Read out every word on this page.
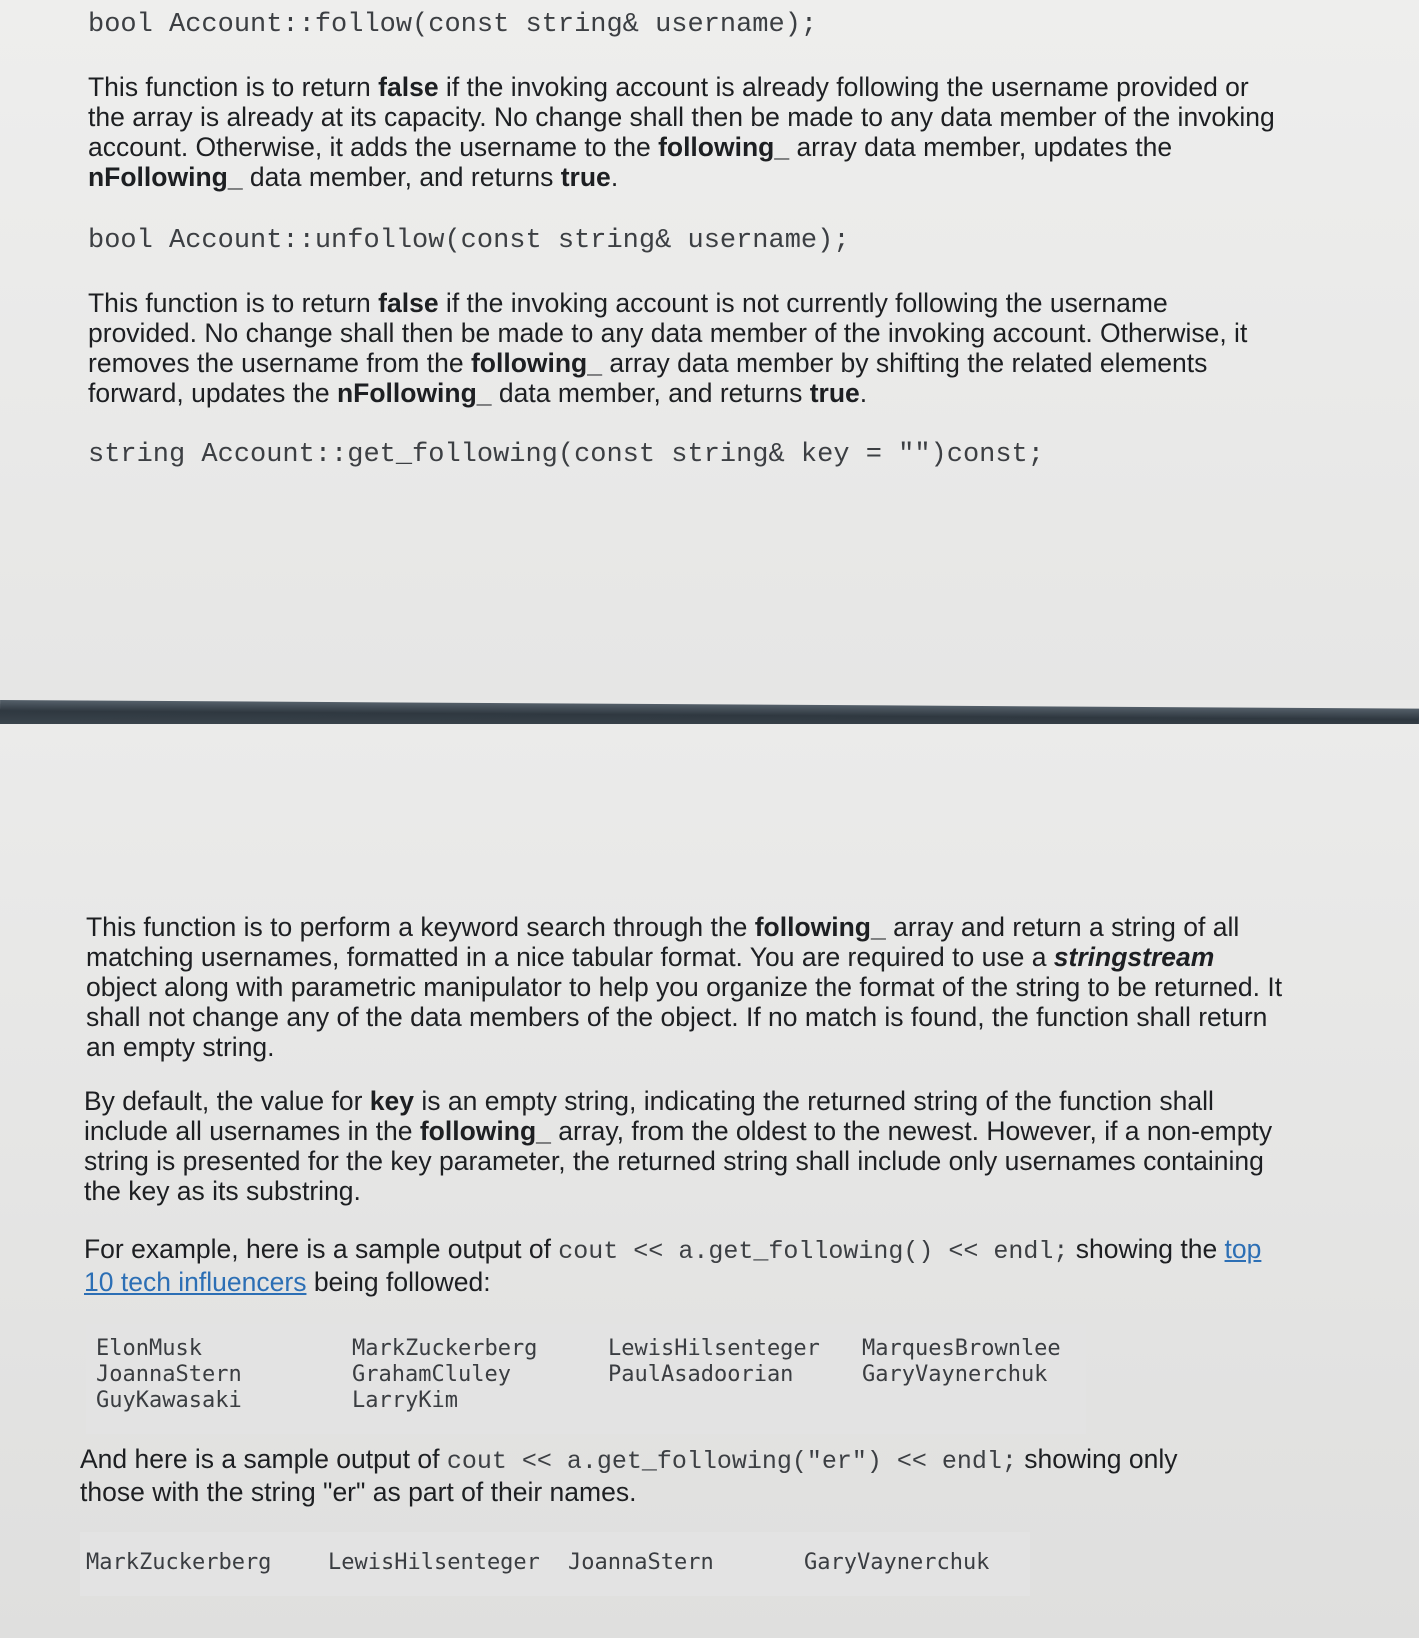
bool Account::follow(const string& username);

This function is to return false if the invoking account is already following the username provided or the array is already at its capacity. No change shall then be made to any data member of the invoking account. Otherwise, it adds the username to the following_ array data member, updates the nFollowing_ data member, and returns true.

bool Account::unfollow(const string& username);

This function is to return false if the invoking account is not currently following the username provided. No change shall then be made to any data member of the invoking account. Otherwise, it removes the username from the following_ array data member by shifting the related elements forward, updates the nFollowing_ data member, and returns true.

string Account::get_following(const string& key = "")const;

This function is to perform a keyword search through the following_ array and return a string of all matching usernames, formatted in a nice tabular format. You are required to use a stringstream object along with parametric manipulator to help you organize the format of the string to be returned. It shall not change any of the data members of the object. If no match is found, the function shall return an empty string.

By default, the value for key is an empty string, indicating the returned string of the function shall include all usernames in the following_ array, from the oldest to the newest. However, if a non-empty string is presented for the key parameter, the returned string shall include only usernames containing the key as its substring.

For example, here is a sample output of cout << a.get_following() << endl; showing the top 10 tech influencers being followed:

ElonMusk
JoannaStern
GuyKawasaki
MarkZuckerberg
GrahamCluley
LarryKim
LewisHilsenteger
PaulAsadoorian
MarquesBrownlee
GaryVaynerchuk

And here is a sample output of cout << a.get_following("er") << endl; showing only those with the string "er" as part of their names.

MarkZuckerberg	LewisHilsenteger JoannaStern	GaryVaynerchuk
